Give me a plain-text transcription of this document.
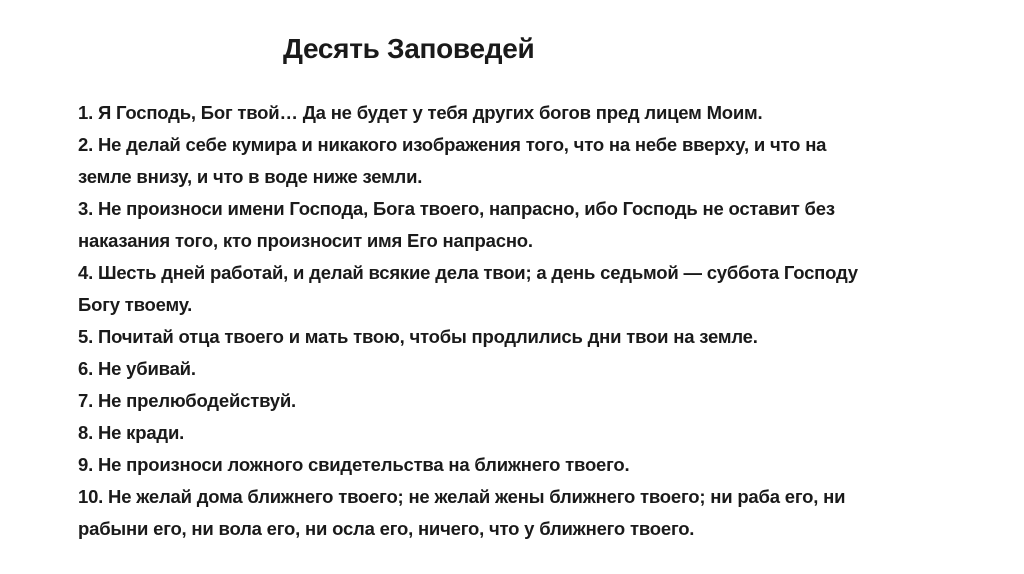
Десять Заповедей
1. Я Господь, Бог твой… Да не будет у тебя других богов пред лицем Моим.
2. Не делай себе кумира и никакого изображения того, что на небе вверху, и что на
земле внизу, и что в воде ниже земли.
3. Не произноси имени Господа, Бога твоего, напрасно, ибо Господь не оставит без
наказания того, кто произносит имя Его напрасно.
4. Шесть дней работай, и делай всякие дела твои; а день седьмой — суббота Господу
Богу твоему.
5. Почитай отца твоего и мать твою, чтобы продлились дни твои на земле.
6. Не убивай.
7. Не прелюбодействуй.
8. Не кради.
9. Не произноси ложного свидетельства на ближнего твоего.
10. Не желай дома ближнего твоего; не желай жены ближнего твоего; ни раба его, ни
рабыни его, ни вола его, ни осла его, ничего, что у ближнего твоего.
